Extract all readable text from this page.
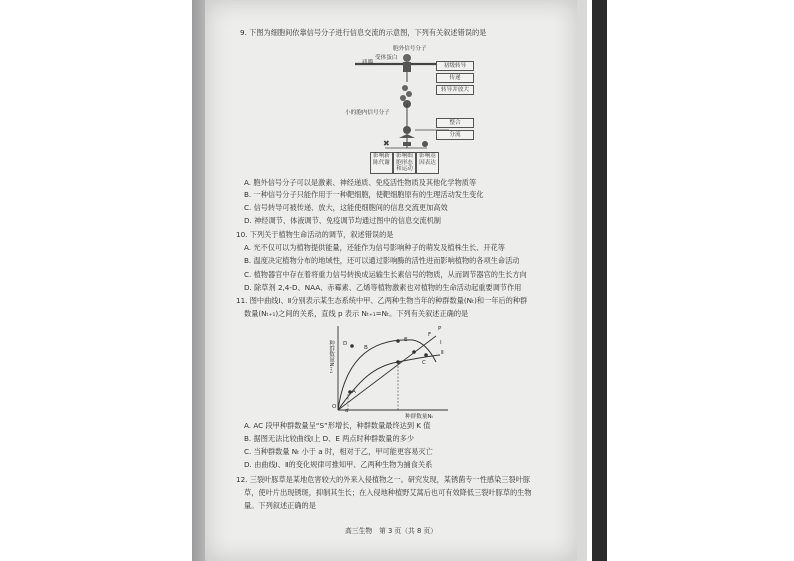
9. 下图为细胞间依靠信号分子进行信息交流的示意图，下列有关叙述错误的是
✖
胞外信号分子
受体蛋白
质膜
小的胞内信号分子
初级转导
传递
转导并放大
整合
分流
影响新陈代谢
影响细胞形态和运动
影响基因表达
A. 胞外信号分子可以是激素、神经递质、免疫活性物质及其他化学物质等
B. 一种信号分子只能作用于一种靶细胞，使靶细胞原有的生理活动发生变化
C. 信号转导可被传递、放大，这能使细胞间的信息交流更加高效
D. 神经调节、体液调节、免疫调节均通过图中的信息交流机制
10. 下列关于植物生命活动的调节，叙述错误的是
A. 光不仅可以为植物提供能量，还能作为信号影响种子的萌发及植株生长、开花等
B. 温度决定植物分布的地域性，还可以通过影响酶的活性进而影响植物的各项生命活动
C. 植物器官中存在着将重力信号转换成运输生长素信号的物质，从而调节器官的生长方向
D. 除草剂 2,4-D、NAA、赤霉素、乙烯等植物激素也对植物的生命活动起重要调节作用
11. 图中曲线Ⅰ、Ⅱ分别表示某生态系统中甲、乙两种生物当年的种群数量(Nₜ)和一年后的种群
数量(Nₜ₊₁)之间的关系，直线 p 表示 Nₜ₊₁=Nₜ。下列有关叙述正确的是
种群数量Nₜ₊₁
种群数量Nₜ
O
a
A
B
C
D
E
F
P
Ⅰ
Ⅱ
A. AC 段甲种群数量呈“S”形增长，种群数量最终达到 K 值
B. 据图无法比较曲线Ⅰ上 D、E 两点时种群数量的多少
C. 当种群数量 Nₜ 小于 a 时，相对于乙，甲可能更容易灭亡
D. 由曲线Ⅰ、Ⅱ的变化规律可推知甲、乙两种生物为捕食关系
12. 三裂叶豚草是某地危害较大的外来入侵植物之一。研究发现，某锈菌专一性感染三裂叶豚
草，使叶片出现锈斑，抑制其生长；在入侵地种植野艾蒿后也可有效降低三裂叶豚草的生物
量。下列叙述正确的是
高三生物　第 3 页（共 8 页）
